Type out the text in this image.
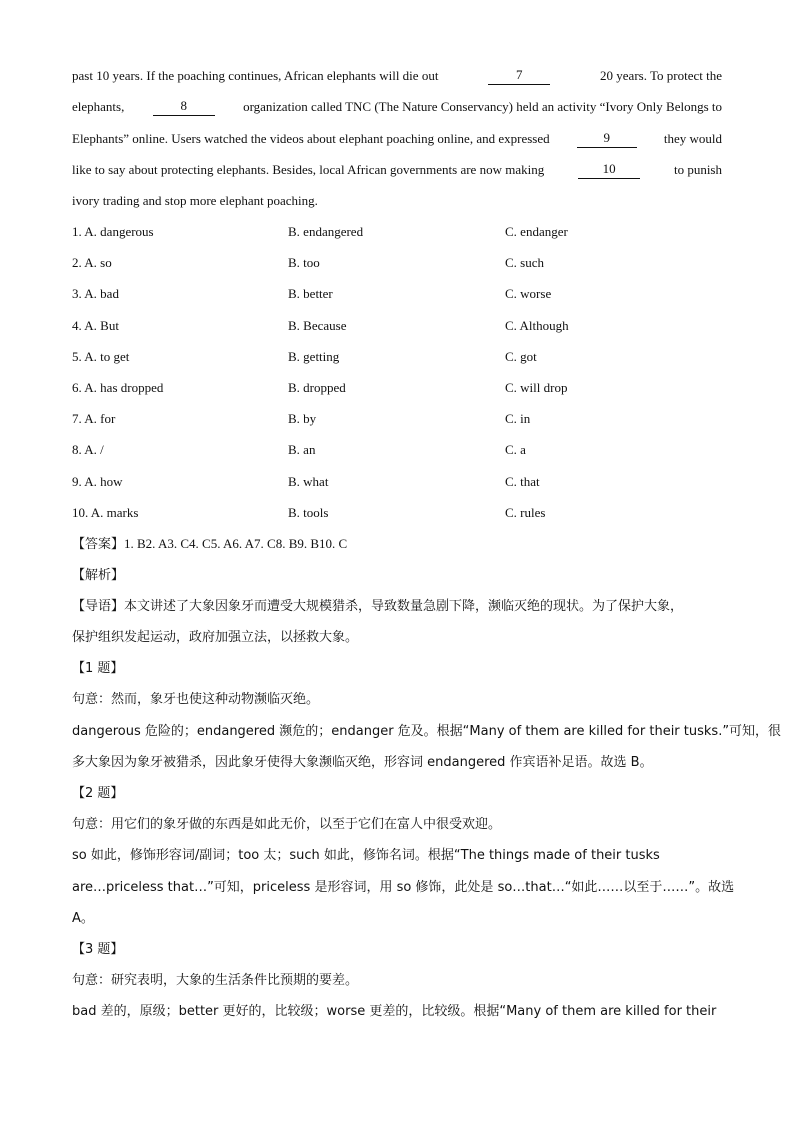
past 10 years. If the poaching continues, African elephants will die out	7	20 years. To protect the
elephants,	8	organization called TNC (The Nature Conservancy) held an activity “Ivory Only Belongs to
Elephants” online. Users watched the videos about elephant poaching online, and expressed	9	they would
like to say about protecting elephants. Besides, local African governments are now making	10	to punish
ivory trading and stop more elephant poaching.
1. A. dangerous	B. endangered	C. endanger
2. A. so	B. too	C. such
3. A. bad	B. better	C. worse
4. A. But	B. Because	C. Although
5. A. to get	B. getting	C. got
6. A. has dropped	B. dropped	C. will drop
7. A. for	B. by	C. in
8. A. /	B. an	C. a
9. A. how	B. what	C. that
10. A. marks	B. tools	C. rules
【答案】1. B2. A3. C4. C5. A6. A7. C8. B9. B10. C
【解析】
【导语】本文讲述了大象因象牙而遭受大规模猎杀，导致数量急剧下降，濒临灭绝的现状。为了保护大象，
保护组织发起运动，政府加强立法，以拯救大象。
【1 题】
句意：然而，象牙也使这种动物濒临灭绝。
dangerous 危险的；endangered 濒危的；endanger 危及。根据“Many of them are killed for their tusks.”可知，很
多大象因为象牙被猎杀，因此象牙使得大象濒临灭绝，形容词 endangered 作宾语补足语。故选 B。
【2 题】
句意：用它们的象牙做的东西是如此无价，以至于它们在富人中很受欢迎。
so 如此，修饰形容词/副词；too 太；such 如此，修饰名词。根据“The things made of their tusks
are…priceless that…”可知，priceless 是形容词，用 so 修饰，此处是 so…that…“如此……以至于……”。故选
A。
【3 题】
句意：研究表明，大象的生活条件比预期的要差。
bad 差的，原级；better 更好的，比较级；worse 更差的，比较级。根据“Many of them are killed for their
